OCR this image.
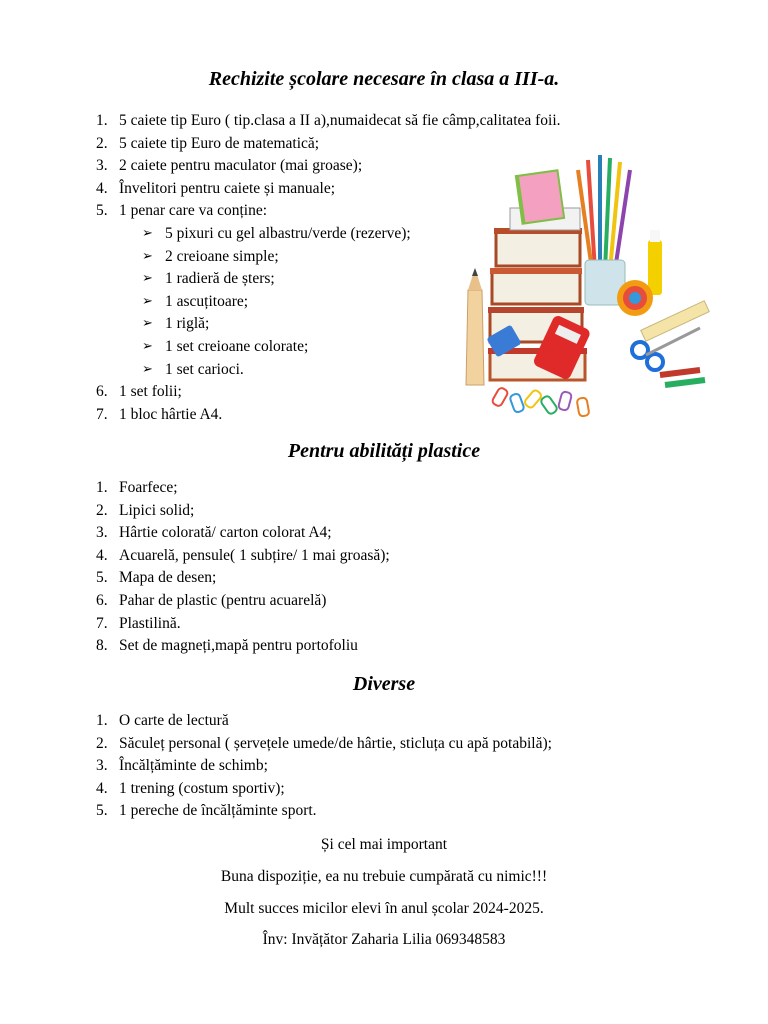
Rechizite școlare necesare în clasa a III-a.
1. 5 caiete tip Euro ( tip.clasa a II a),numaidecat să fie câmp,calitatea foii.
2. 5 caiete tip Euro de matematică;
3. 2 caiete pentru maculator (mai groase);
4. Învelitori pentru caiete și manuale;
5. 1 penar care va conține:
➢ 5 pixuri cu gel albastru/verde (rezerve);
➢ 2 creioane simple;
➢ 1 radieră de șters;
➢ 1 ascuțitoare;
➢ 1 riglă;
➢ 1 set creioane colorate;
➢ 1 set carioci.
6. 1 set folii;
7. 1 bloc hârtie A4.
Pentru abilități plastice
1. Foarfece;
2. Lipici solid;
3. Hârtie colorată/ carton colorat A4;
4. Acuarelă, pensule( 1 subțire/ 1 mai groasă);
5. Mapa de desen;
6. Pahar de plastic (pentru acuarelă)
7. Plastilină.
8. Set de magneți,mapă pentru portofoliu
Diverse
1. O carte de lectură
2. Săculeț personal ( șervețele umede/de hârtie, sticluța cu apă potabilă);
3. Încălțăminte de schimb;
4. 1 trening (costum sportiv);
5. 1 pereche de încălțăminte sport.
Și cel mai important
Buna dispoziție, ea nu trebuie cumpărată cu nimic!!!
Mult succes micilor elevi în anul școlar 2024-2025.
Înv: Invățător Zaharia Lilia 069348583
